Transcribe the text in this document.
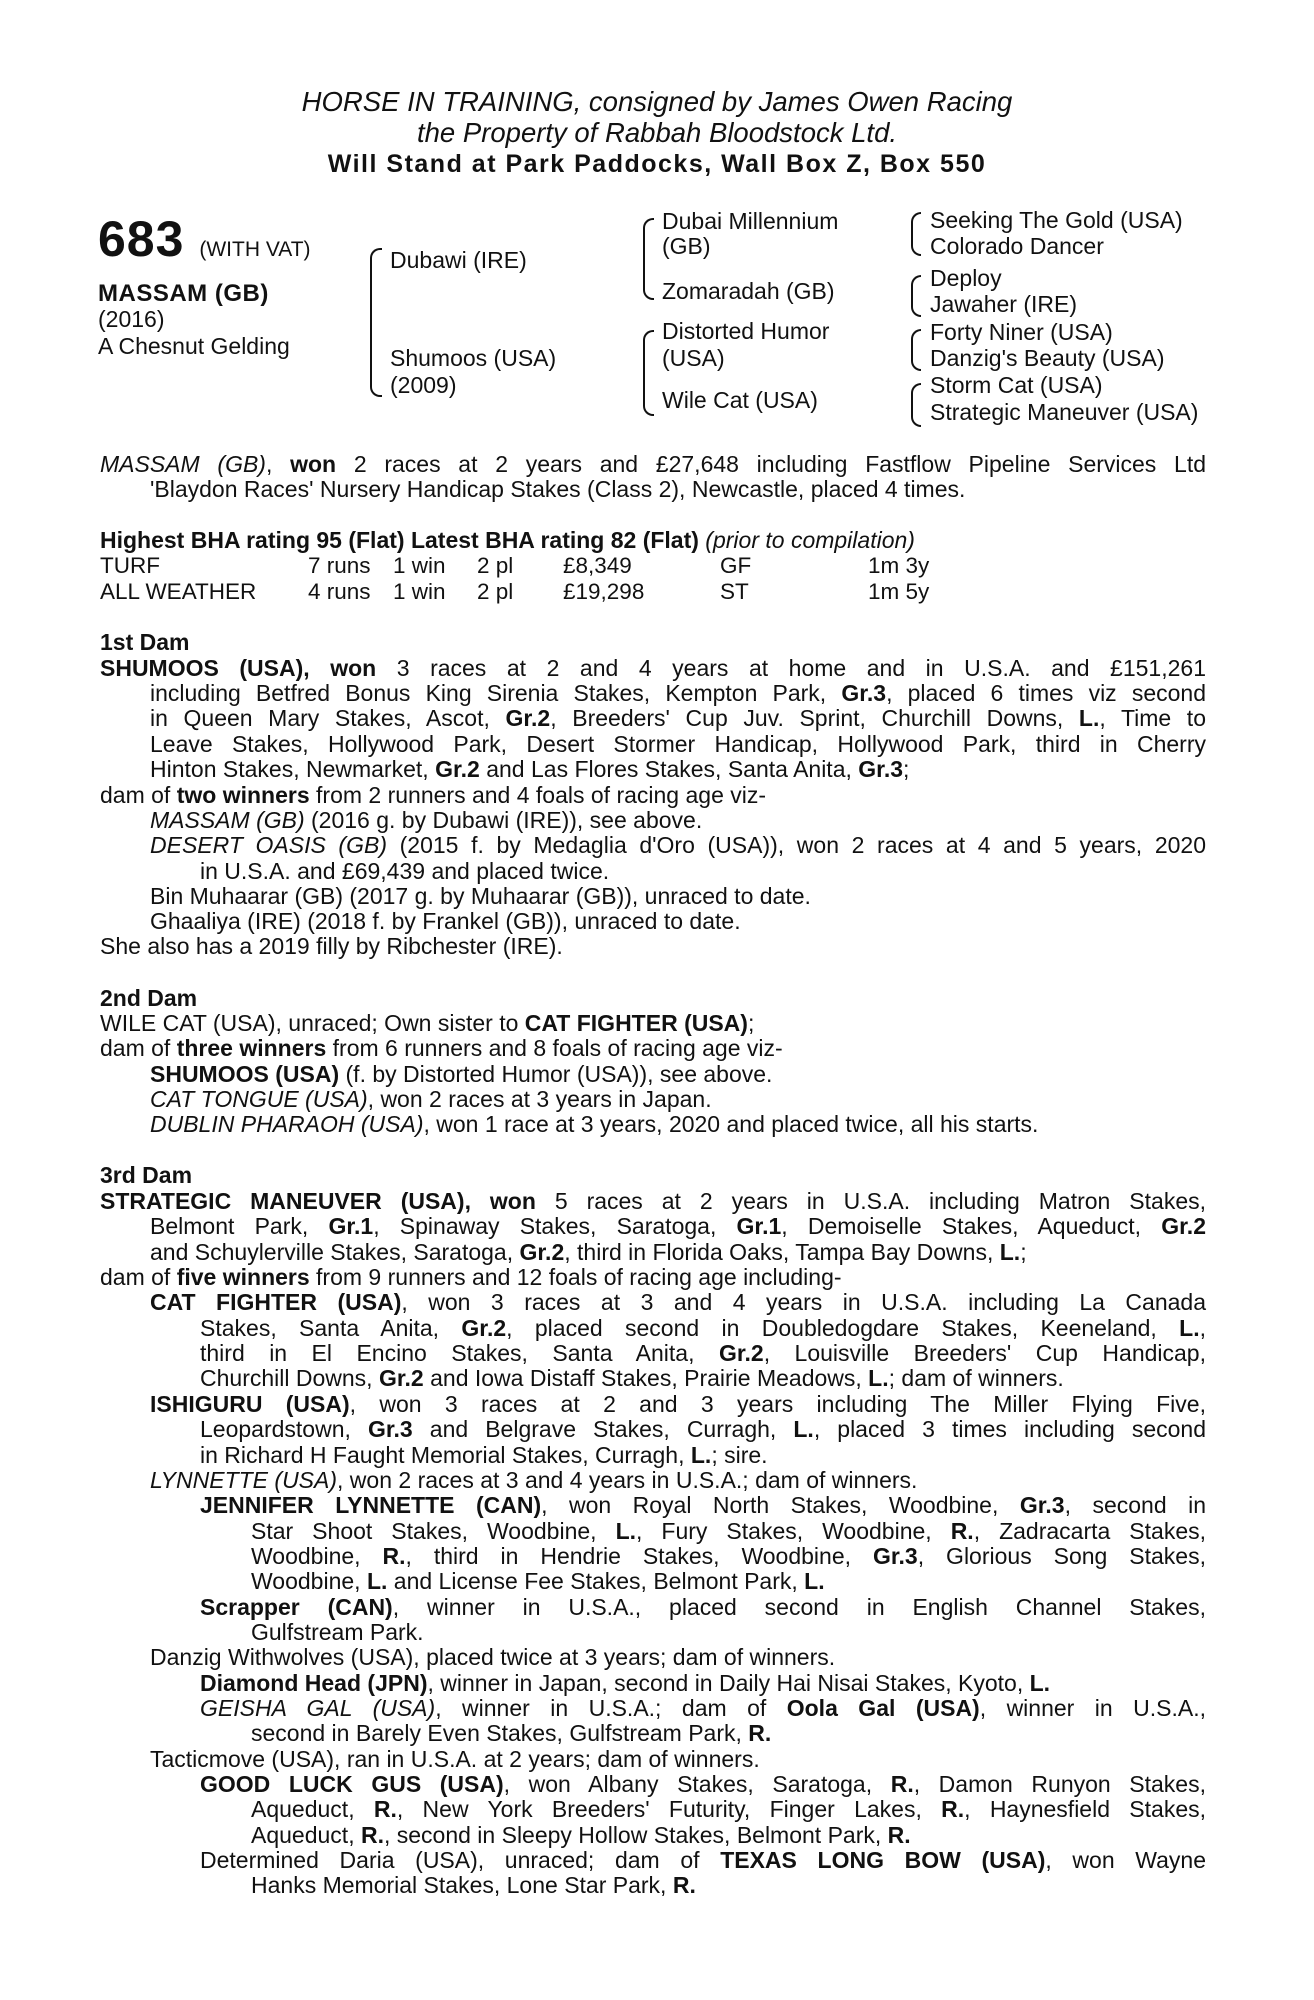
HORSE IN TRAINING, consigned by James Owen Racing
the Property of Rabbah Bloodstock Ltd.
Will Stand at Park Paddocks, Wall Box Z, Box 550
683 (WITH VAT)
MASSAM (GB)
(2016)
A Chesnut Gelding
Dubawi (IRE)
Shumoos (USA)
(2009)
Dubai Millennium
(GB)
Zomaradah (GB)
Distorted Humor
(USA)
Wile Cat (USA)
Seeking The Gold (USA)
Colorado Dancer
Deploy
Jawaher (IRE)
Forty Niner (USA)
Danzig's Beauty (USA)
Storm Cat (USA)
Strategic Maneuver (USA)
MASSAM (GB), won 2 races at 2 years and £27,648 including Fastflow Pipeline Services Ltd
'Blaydon Races' Nursery Handicap Stakes (Class 2), Newcastle, placed 4 times.
Highest BHA rating 95 (Flat) Latest BHA rating 82 (Flat) (prior to compilation)
TURF	7 runs 1 win 2 pl £8,349	GF	1m 3y
ALL WEATHER 4 runs 1 win 2 pl £19,298	ST	1m 5y
1st Dam
SHUMOOS (USA), won 3 races at 2 and 4 years at home and in U.S.A. and £151,261
including Betfred Bonus King Sirenia Stakes, Kempton Park, Gr.3, placed 6 times viz second
in Queen Mary Stakes, Ascot, Gr.2, Breeders' Cup Juv. Sprint, Churchill Downs, L., Time to
Leave Stakes, Hollywood Park, Desert Stormer Handicap, Hollywood Park, third in Cherry
Hinton Stakes, Newmarket, Gr.2 and Las Flores Stakes, Santa Anita, Gr.3;
dam of two winners from 2 runners and 4 foals of racing age viz-
MASSAM (GB) (2016 g. by Dubawi (IRE)), see above.
DESERT OASIS (GB) (2015 f. by Medaglia d'Oro (USA)), won 2 races at 4 and 5 years, 2020
in U.S.A. and £69,439 and placed twice.
Bin Muhaarar (GB) (2017 g. by Muhaarar (GB)), unraced to date.
Ghaaliya (IRE) (2018 f. by Frankel (GB)), unraced to date.
She also has a 2019 filly by Ribchester (IRE).
2nd Dam
WILE CAT (USA), unraced; Own sister to CAT FIGHTER (USA);
dam of three winners from 6 runners and 8 foals of racing age viz-
SHUMOOS (USA) (f. by Distorted Humor (USA)), see above.
CAT TONGUE (USA), won 2 races at 3 years in Japan.
DUBLIN PHARAOH (USA), won 1 race at 3 years, 2020 and placed twice, all his starts.
3rd Dam
STRATEGIC MANEUVER (USA), won 5 races at 2 years in U.S.A. including Matron Stakes,
Belmont Park, Gr.1, Spinaway Stakes, Saratoga, Gr.1, Demoiselle Stakes, Aqueduct, Gr.2
and Schuylerville Stakes, Saratoga, Gr.2, third in Florida Oaks, Tampa Bay Downs, L.;
dam of five winners from 9 runners and 12 foals of racing age including-
CAT FIGHTER (USA), won 3 races at 3 and 4 years in U.S.A. including La Canada
Stakes, Santa Anita, Gr.2, placed second in Doubledogdare Stakes, Keeneland, L.,
third in El Encino Stakes, Santa Anita, Gr.2, Louisville Breeders' Cup Handicap,
Churchill Downs, Gr.2 and Iowa Distaff Stakes, Prairie Meadows, L.; dam of winners.
ISHIGURU (USA), won 3 races at 2 and 3 years including The Miller Flying Five,
Leopardstown, Gr.3 and Belgrave Stakes, Curragh, L., placed 3 times including second
in Richard H Faught Memorial Stakes, Curragh, L.; sire.
LYNNETTE (USA), won 2 races at 3 and 4 years in U.S.A.; dam of winners.
JENNIFER LYNNETTE (CAN), won Royal North Stakes, Woodbine, Gr.3, second in
Star Shoot Stakes, Woodbine, L., Fury Stakes, Woodbine, R., Zadracarta Stakes,
Woodbine, R., third in Hendrie Stakes, Woodbine, Gr.3, Glorious Song Stakes,
Woodbine, L. and License Fee Stakes, Belmont Park, L.
Scrapper (CAN), winner in U.S.A., placed second in English Channel Stakes,
Gulfstream Park.
Danzig Withwolves (USA), placed twice at 3 years; dam of winners.
Diamond Head (JPN), winner in Japan, second in Daily Hai Nisai Stakes, Kyoto, L.
GEISHA GAL (USA), winner in U.S.A.; dam of Oola Gal (USA), winner in U.S.A.,
second in Barely Even Stakes, Gulfstream Park, R.
Tacticmove (USA), ran in U.S.A. at 2 years; dam of winners.
GOOD LUCK GUS (USA), won Albany Stakes, Saratoga, R., Damon Runyon Stakes,
Aqueduct, R., New York Breeders' Futurity, Finger Lakes, R., Haynesfield Stakes,
Aqueduct, R., second in Sleepy Hollow Stakes, Belmont Park, R.
Determined Daria (USA), unraced; dam of TEXAS LONG BOW (USA), won Wayne
Hanks Memorial Stakes, Lone Star Park, R.
